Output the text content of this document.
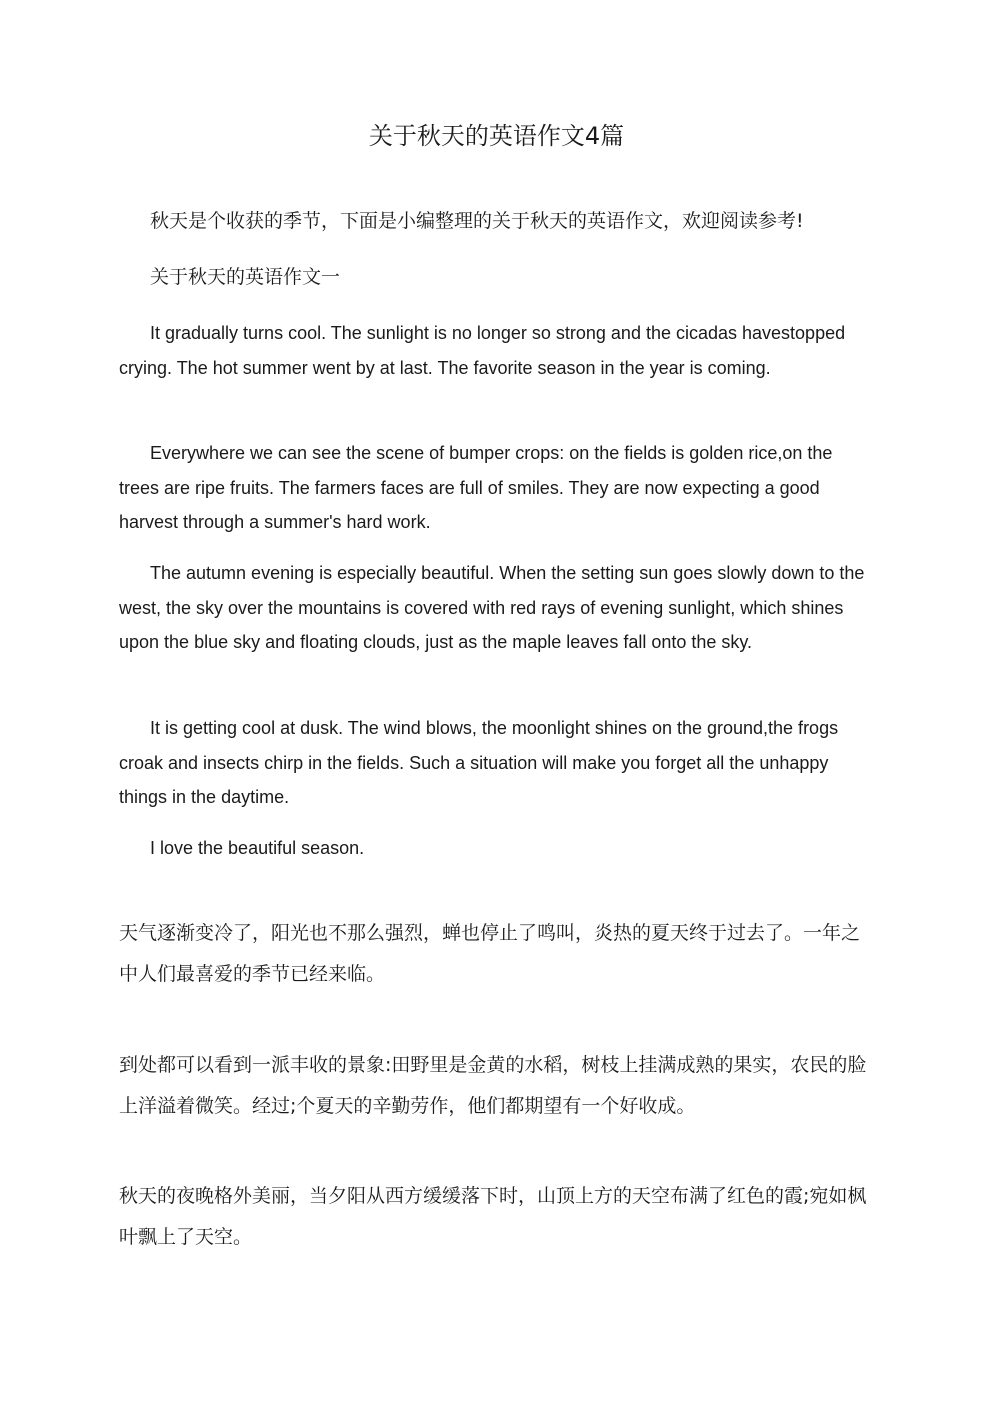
关于秋天的英语作文4篇

秋天是个收获的季节，下面是小编整理的关于秋天的英语作文，欢迎阅读参考!

关于秋天的英语作文一

It gradually turns cool. The sunlight is no longer so strong and the cicadas havestopped crying. The hot summer went by at last. The favorite season in the year is coming.

Everywhere we can see the scene of bumper crops: on the fields is golden rice,on the trees are ripe fruits. The farmers faces are full of smiles. They are now expecting a good harvest through a summer's hard work.

The autumn evening is especially beautiful. When the setting sun goes slowly down to the west, the sky over the mountains is covered with red rays of evening sunlight, which shines upon the blue sky and floating clouds, just as the maple leaves fall onto the sky.

It is getting cool at dusk. The wind blows, the moonlight shines on the ground,the frogs croak and insects chirp in the fields. Such a situation will make you forget all the unhappy things in the daytime.

I love the beautiful season.

天气逐渐变冷了，阳光也不那么强烈，蝉也停止了鸣叫，炎热的夏天终于过去了。一年之中人们最喜爱的季节已经来临。

到处都可以看到一派丰收的景象:田野里是金黄的水稻，树枝上挂满成熟的果实，农民的脸上洋溢着微笑。经过;个夏天的辛勤劳作，他们都期望有一个好收成。

秋天的夜晚格外美丽，当夕阳从西方缓缓落下时，山顶上方的天空布满了红色的霞;宛如枫叶飘上了天空。
